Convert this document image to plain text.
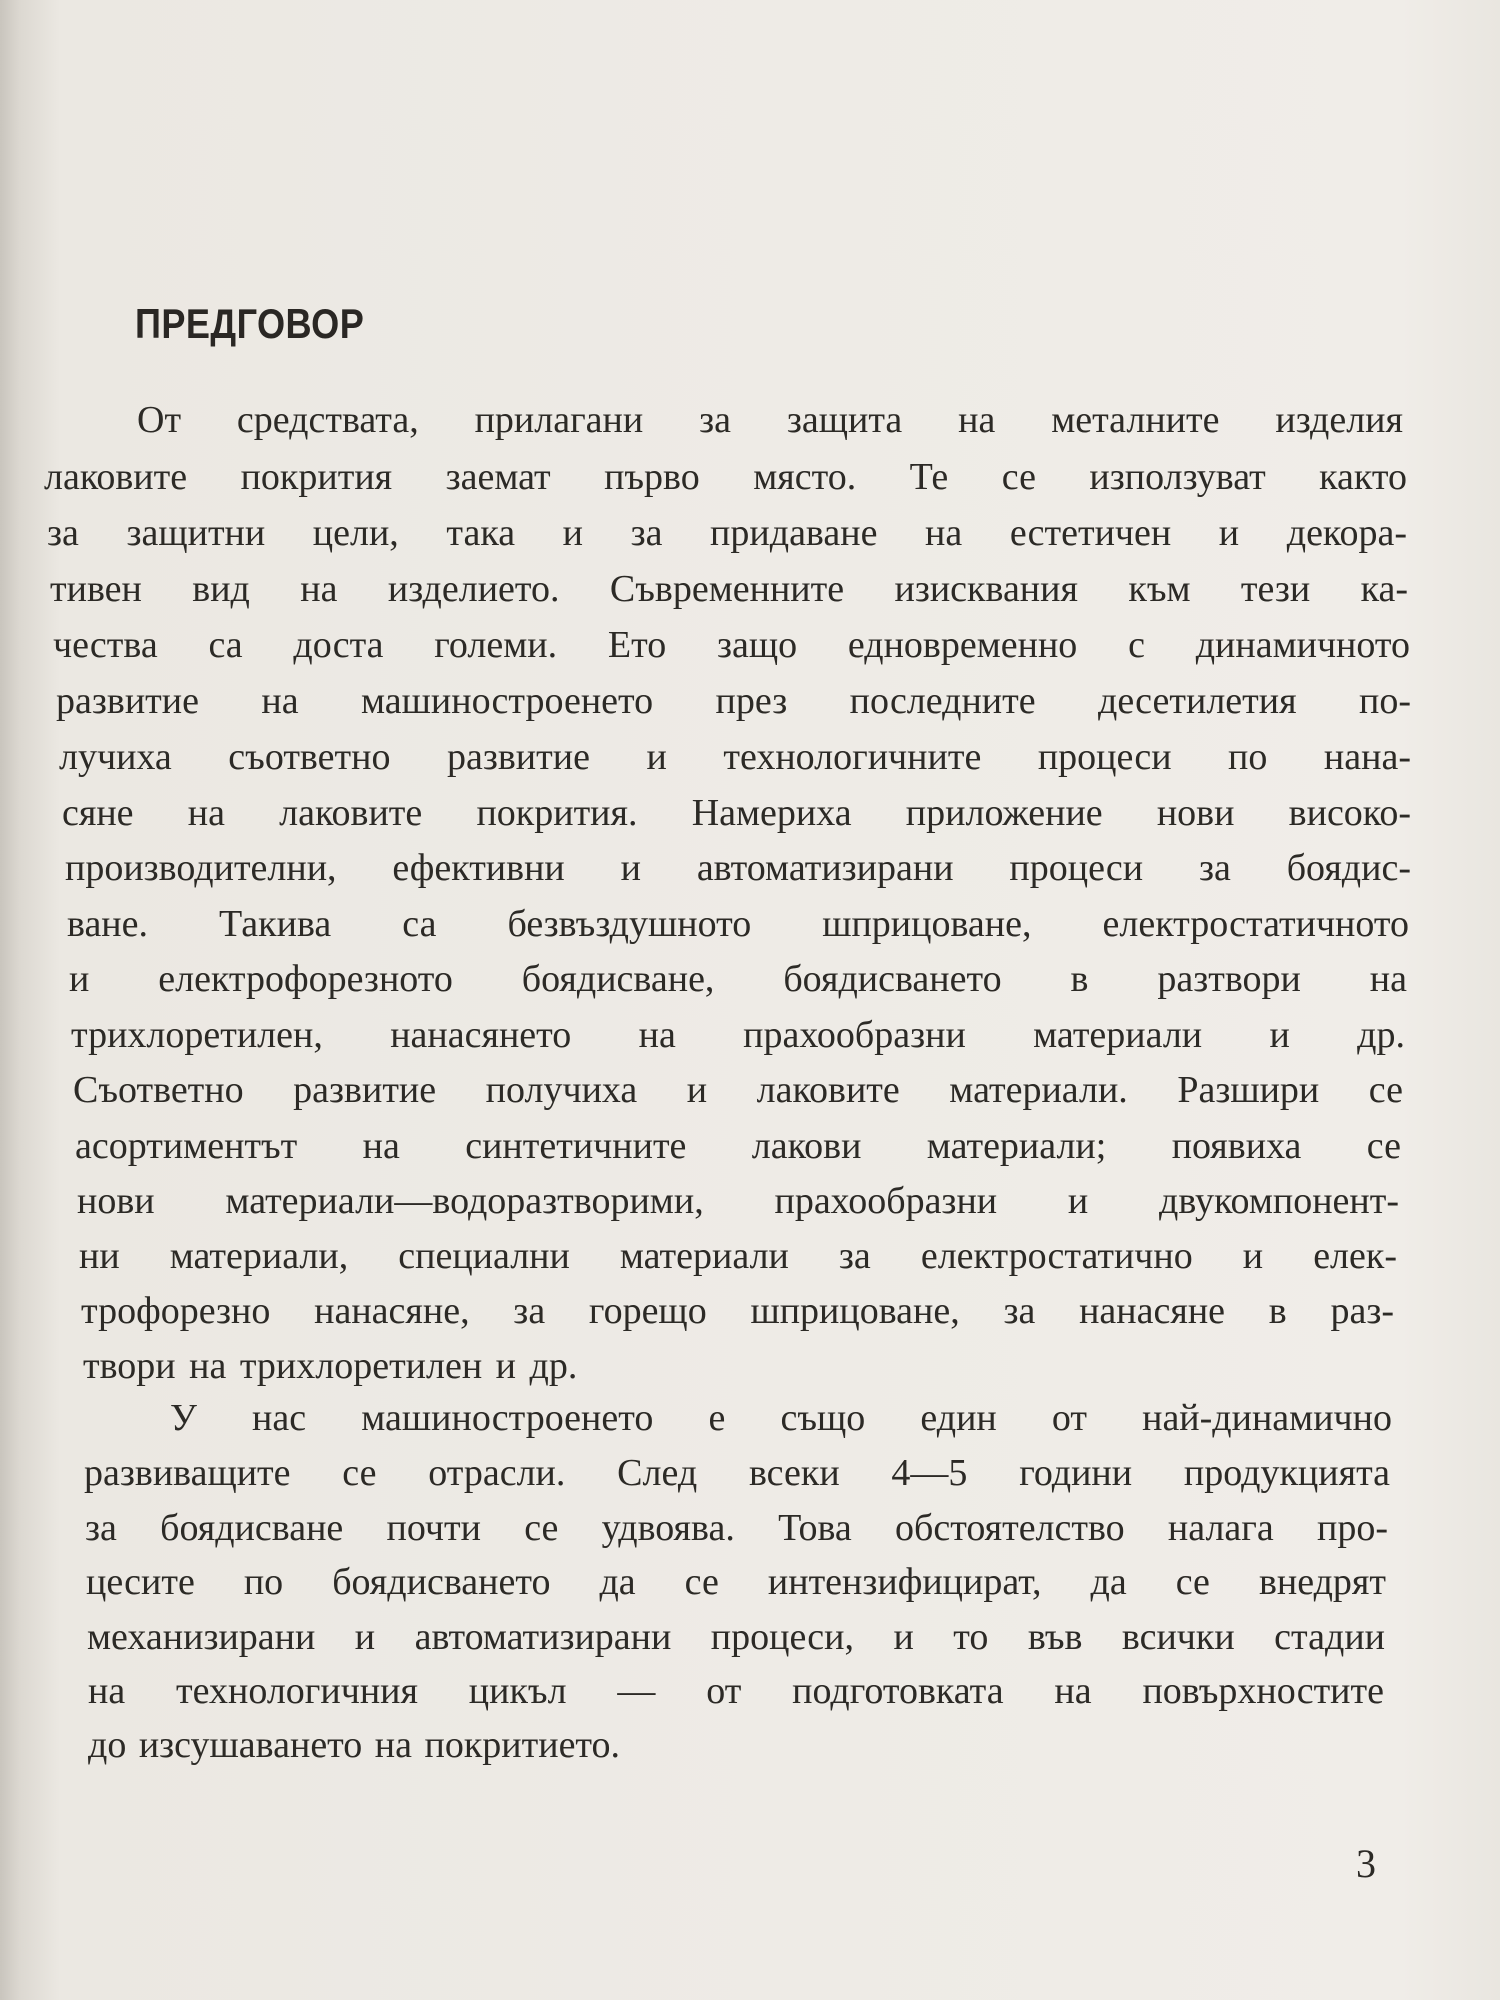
ПРЕДГОВОР

От средствата, прилагани за защита на металните изделия

лаковите покрития заемат първо място. Те се използуват както

за защитни цели, така и за придаване на естетичен и декора-

тивен вид на изделието. Съвременните изисквания към тези ка-

чества са доста големи. Ето защо едновременно с динамичното

развитие на машиностроенето през последните десетилетия по-

лучиха съответно развитие и технологичните процеси по нана-

сяне на лаковите покрития. Намериха приложение нови високо-

производителни, ефективни и автоматизирани процеси за боядис-

ване. Такива са безвъздушното шприцоване, електростатичното

и електрофорезното боядисване, боядисването в разтвори на

трихлоретилен, нанасянето на прахообразни материали и др.

Съответно развитие получиха и лаковите материали. Разшири се

асортиментът на синтетичните лакови материали; появиха се

нови материали—водоразтворими, прахообразни и двукомпонент-

ни материали, специални материали за електростатично и елек-

трофорезно нанасяне, за горещо шприцоване, за нанасяне в раз-

твори на трихлоретилен и др.

У нас машиностроенето е също един от най-динамично

развиващите се отрасли. След всеки 4—5 години продукцията

за боядисване почти се удвоява. Това обстоятелство налага про-

цесите по боядисването да се интензифицират, да се внедрят

механизирани и автоматизирани процеси, и то във всички стадии

на технологичния цикъл — от подготовката на повърхностите

до изсушаването на покритието.

3
